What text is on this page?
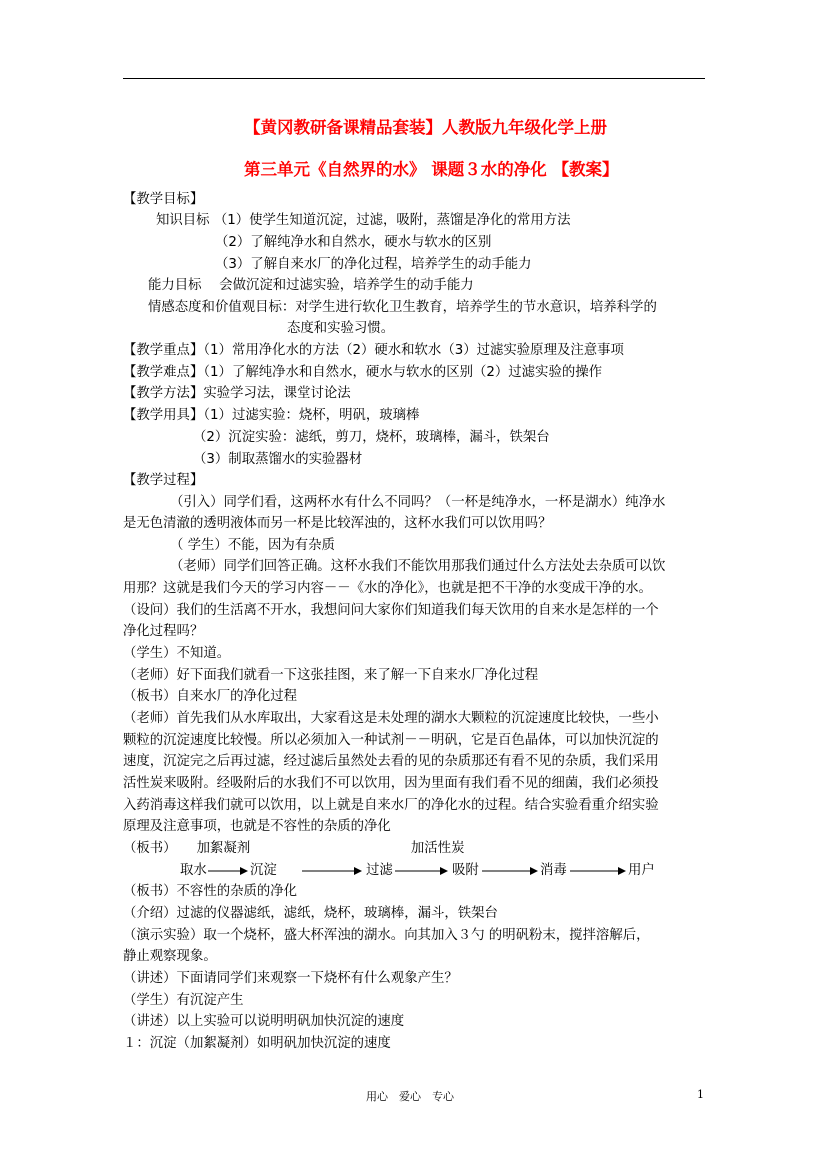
【黄冈教研备课精品套装】人教版九年级化学上册
第三单元《自然界的水》 课题３水的净化 【教案】
【教学目标】
知识目标 （1）使学生知道沉淀，过滤，吸附，蒸馏是净化的常用方法
（2）了解纯净水和自然水，硬水与软水的区别
（3）了解自来水厂的净化过程，培养学生的动手能力
能力目标　 会做沉淀和过滤实验，培养学生的动手能力
情感态度和价值观目标：对学生进行软化卫生教育，培养学生的节水意识，培养科学的
态度和实验习惯。
【教学重点】（1）常用净化水的方法（2）硬水和软水（3）过滤实验原理及注意事项
【教学难点】（1）了解纯净水和自然水，硬水与软水的区别（2）过滤实验的操作
【教学方法】实验学习法，课堂讨论法
【教学用具】（1）过滤实验：烧杯，明矾，玻璃棒
（2）沉淀实验：滤纸，剪刀，烧杯，玻璃棒，漏斗，铁架台
（3）制取蒸馏水的实验器材
【教学过程】
（引入）同学们看，这两杯水有什么不同吗？（一杯是纯净水，一杯是湖水）纯净水
是无色清澈的透明液体而另一杯是比较浑浊的，这杯水我们可以饮用吗？
（ 学生）不能，因为有杂质
（老师）同学们回答正确。这杯水我们不能饮用那我们通过什么方法处去杂质可以饮
用那？这就是我们今天的学习内容－－《水的净化》，也就是把不干净的水变成干净的水。
（设问）我们的生活离不开水，我想问问大家你们知道我们每天饮用的自来水是怎样的一个
净化过程吗？
（学生）不知道。
（老师）好下面我们就看一下这张挂图，来了解一下自来水厂净化过程
（板书）自来水厂的净化过程
（老师）首先我们从水库取出，大家看这是未处理的湖水大颗粒的沉淀速度比较快，一些小
颗粒的沉淀速度比较慢。所以必须加入一种试剂－－明矾，它是百色晶体，可以加快沉淀的
速度，沉淀完之后再过滤，经过滤后虽然处去看的见的杂质那还有看不见的杂质，我们采用
活性炭来吸附。经吸附后的水我们不可以饮用，因为里面有我们看不见的细菌，我们必须投
入药消毒这样我们就可以饮用，以上就是自来水厂的净化水的过程。结合实验看重介绍实验
原理及注意事项，也就是不容性的杂质的净化
（板书）　　加絮凝剂　　　　　　　　　　　　加活性炭
取水	沉淀	过滤	吸附	消毒	用户
（板书）不容性的杂质的净化
（介绍）过滤的仪器滤纸，滤纸，烧杯，玻璃棒，漏斗，铁架台
（演示实验）取一个烧杯，盛大杯浑浊的湖水。向其加入３勺 的明矾粉末，搅拌溶解后，
静止观察现象。
（讲述）下面请同学们来观察一下烧杯有什么观象产生？
（学生）有沉淀产生
（讲述）以上实验可以说明明矾加快沉淀的速度
１：沉淀（加絮凝剂）如明矾加快沉淀的速度
用心　爱心　专心	1
